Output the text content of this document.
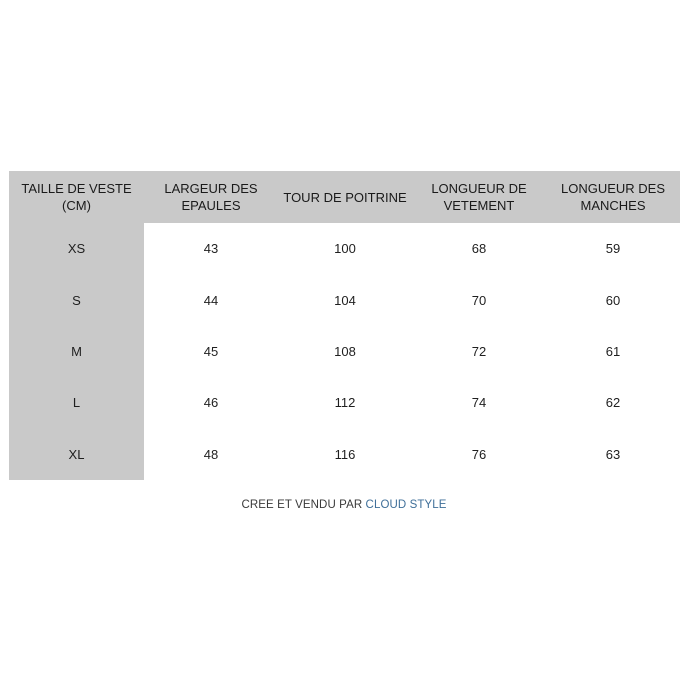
TAILLE DE VESTE (CM)	LARGEUR DES EPAULES	TOUR DE POITRINE	LONGUEUR DE VETEMENT	LONGUEUR DES MANCHES
XS	43	100	68	59
S	44	104	70	60
M	45	108	72	61
L	46	112	74	62
XL	48	116	76	63
CREE ET VENDU PAR CLOUD STYLE
